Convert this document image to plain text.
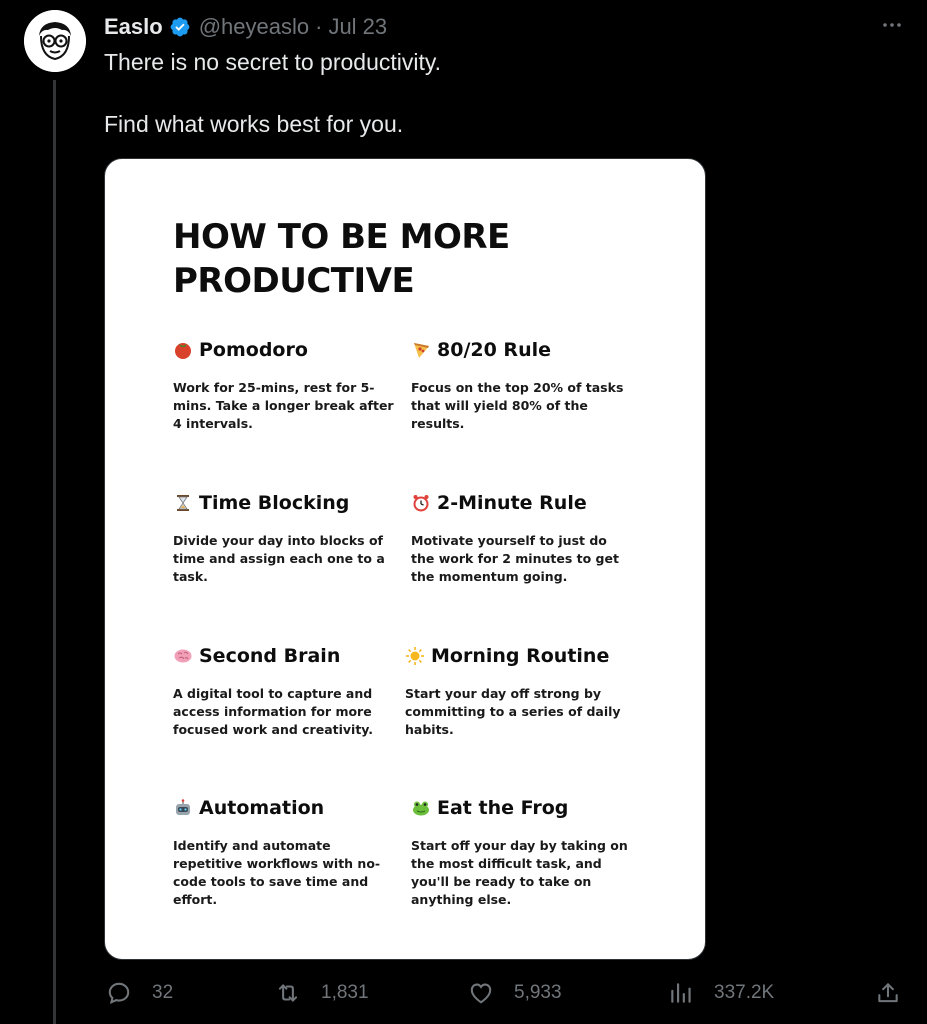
Easlo @heyeaslo · Jul 23

There is no secret to productivity.

Find what works best for you.

HOW TO BE MORE
PRODUCTIVE
Pomodoro
Work for 25-mins, rest for 5-mins. Take a longer break after 4 intervals.
80/20 Rule
Focus on the top 20% of tasks that will yield 80% of the results.
Time Blocking
Divide your day into blocks of time and assign each one to a task.
2-Minute Rule
Motivate yourself to just do the work for 2 minutes to get the momentum going.
Second Brain
A digital tool to capture and access information for more focused work and creativity.
Morning Routine
Start your day off strong by committing to a series of daily habits.
Automation
Identify and automate repetitive workflows with no-code tools to save time and effort.
Eat the Frog
Start off your day by taking on the most difficult task, and you'll be ready to take on anything else.
32	1,831	5,933	337.2K
